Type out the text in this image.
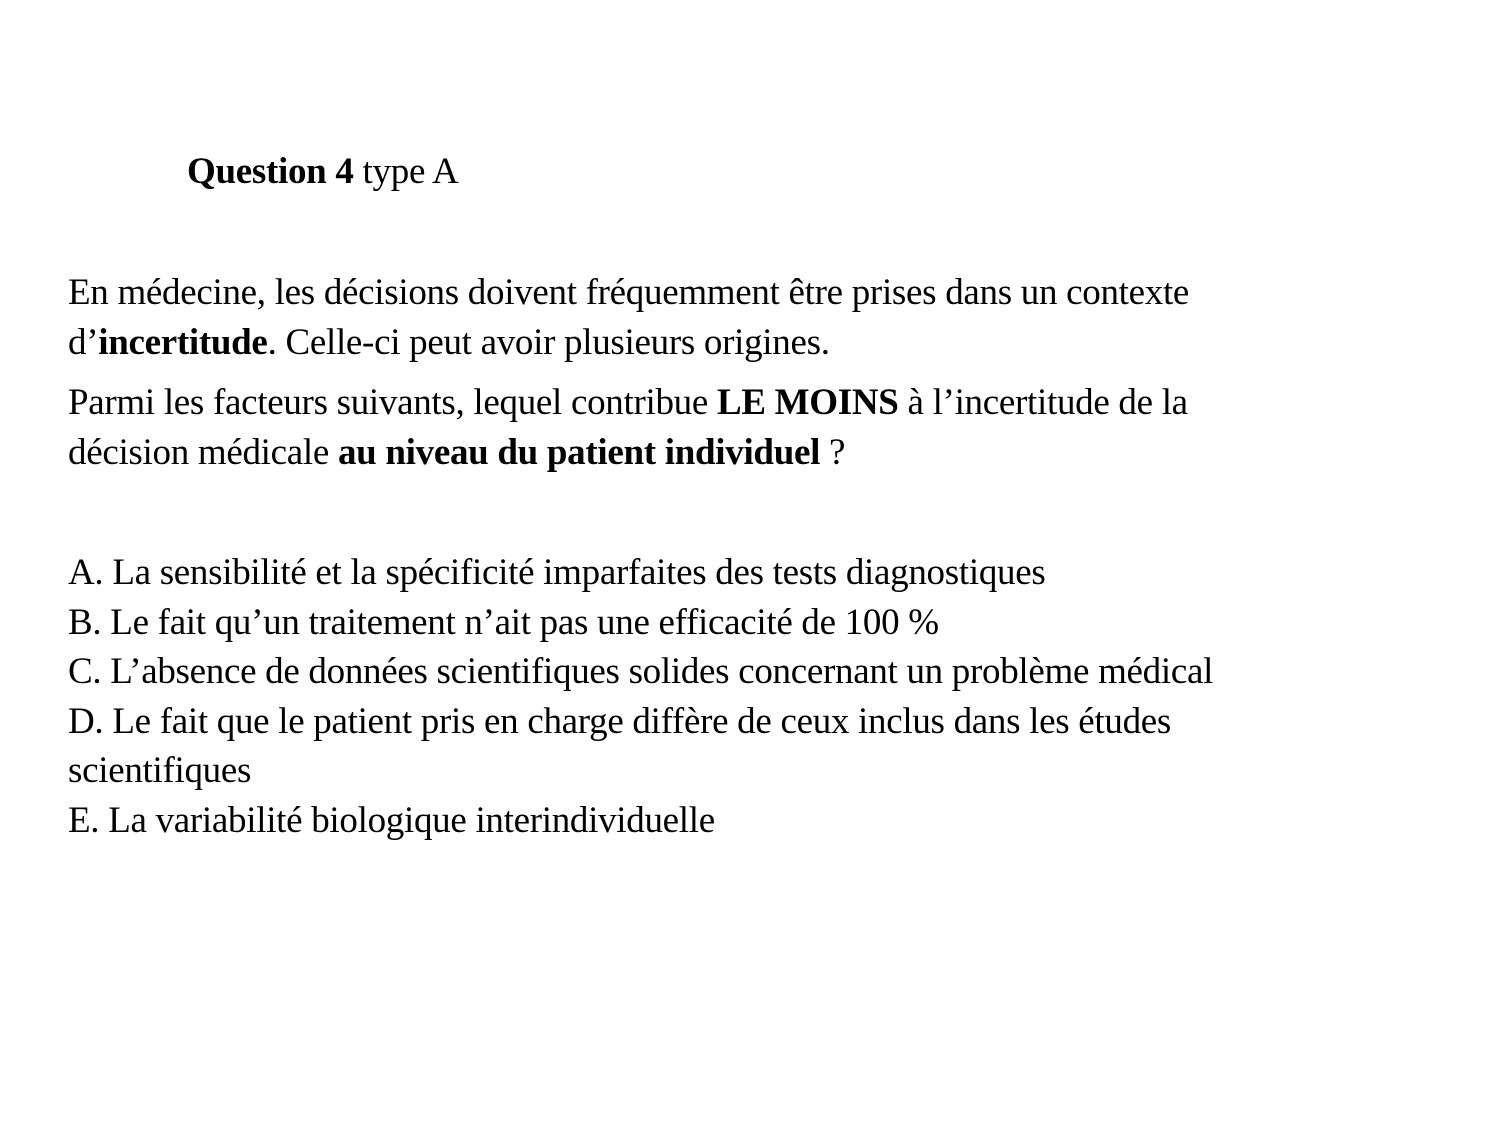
Question 4 type A
En médecine, les décisions doivent fréquemment être prises dans un contexte
d’incertitude. Celle-ci peut avoir plusieurs origines.
Parmi les facteurs suivants, lequel contribue LE MOINS à l’incertitude de la
décision médicale au niveau du patient individuel ?
A. La sensibilité et la spécificité imparfaites des tests diagnostiques
B. Le fait qu’un traitement n’ait pas une efficacité de 100 %
C. L’absence de données scientifiques solides concernant un problème médical
D. Le fait que le patient pris en charge diffère de ceux inclus dans les études scientifiques
E. La variabilité biologique interindividuelle
